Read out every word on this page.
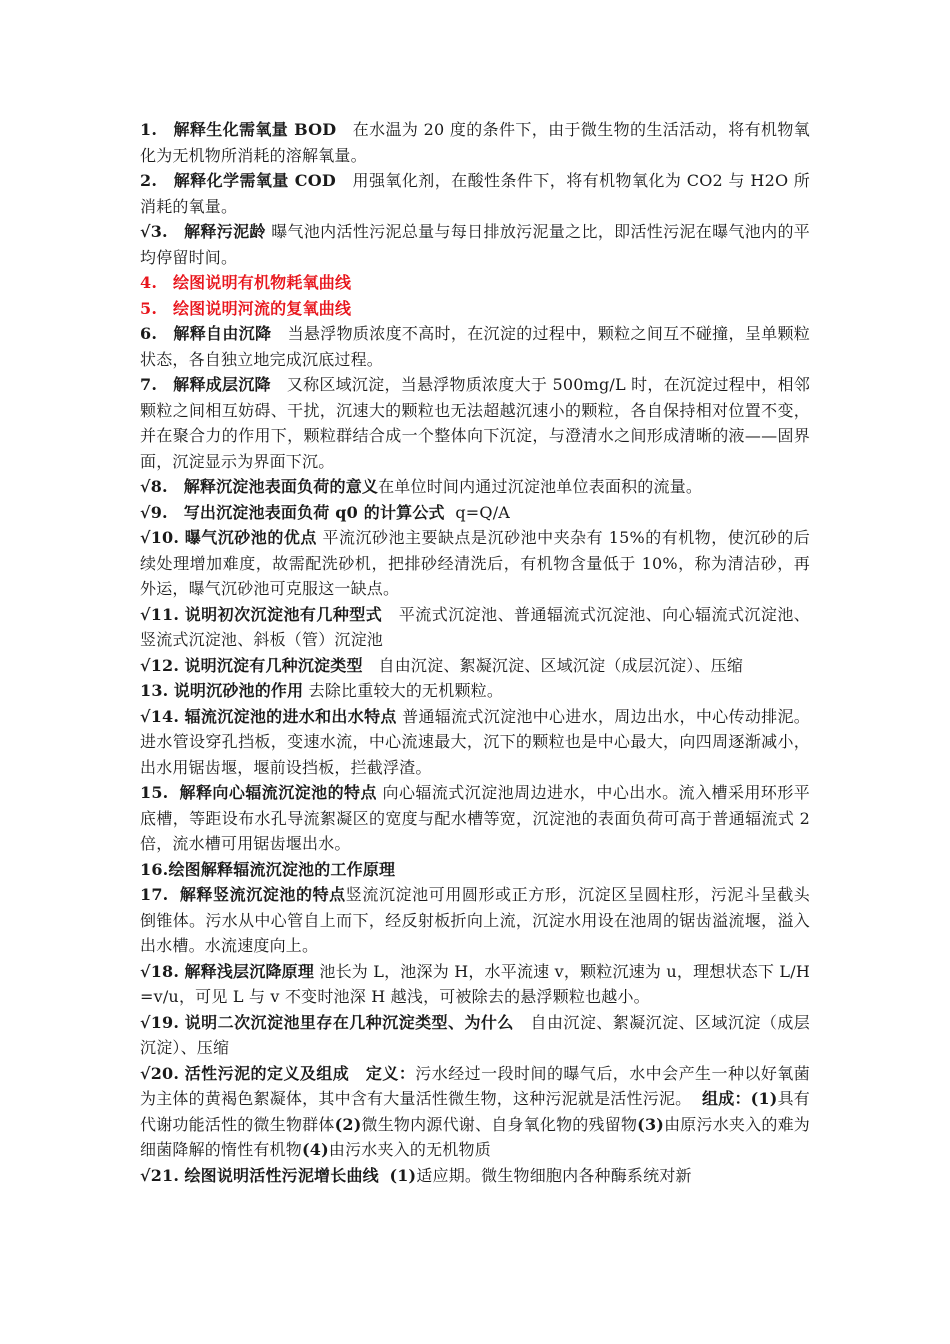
1. 解释生化需氧量 BOD 在水温为 20 度的条件下，由于微生物的生活活动，将有机物氧化为无机物所消耗的溶解氧量。
2. 解释化学需氧量 COD 用强氧化剂，在酸性条件下，将有机物氧化为 CO2 与 H2O 所消耗的氧量。
√3. 解释污泥龄 曝气池内活性污泥总量与每日排放污泥量之比，即活性污泥在曝气池内的平均停留时间。
4. 绘图说明有机物耗氧曲线
5. 绘图说明河流的复氧曲线
6. 解释自由沉降 当悬浮物质浓度不高时，在沉淀的过程中，颗粒之间互不碰撞，呈单颗粒状态，各自独立地完成沉底过程。
7. 解释成层沉降 又称区域沉淀，当悬浮物质浓度大于 500mg/L 时，在沉淀过程中，相邻颗粒之间相互妨碍、干扰，沉速大的颗粒也无法超越沉速小的颗粒，各自保持相对位置不变，并在聚合力的作用下，颗粒群结合成一个整体向下沉淀，与澄清水之间形成清晰的液——固界面，沉淀显示为界面下沉。
√8. 解释沉淀池表面负荷的意义在单位时间内通过沉淀池单位表面积的流量。
√9. 写出沉淀池表面负荷 q0 的计算公式 q=Q/A
√10. 曝气沉砂池的优点 平流沉砂池主要缺点是沉砂池中夹杂有 15%的有机物，使沉砂的后续处理增加难度，故需配洗砂机，把排砂经清洗后，有机物含量低于 10%，称为清洁砂，再外运，曝气沉砂池可克服这一缺点。
√11. 说明初次沉淀池有几种型式 平流式沉淀池、普通辐流式沉淀池、向心辐流式沉淀池、竖流式沉淀池、斜板（管）沉淀池
√12. 说明沉淀有几种沉淀类型 自由沉淀、絮凝沉淀、区域沉淀（成层沉淀）、压缩
13. 说明沉砂池的作用 去除比重较大的无机颗粒。
√14. 辐流沉淀池的进水和出水特点 普通辐流式沉淀池中心进水，周边出水，中心传动排泥。进水管设穿孔挡板，变速水流，中心流速最大，沉下的颗粒也是中心最大，向四周逐渐减小，出水用锯齿堰，堰前设挡板，拦截浮渣。
15. 解释向心辐流沉淀池的特点 向心辐流式沉淀池周边进水，中心出水。流入槽采用环形平底槽，等距设布水孔导流絮凝区的宽度与配水槽等宽，沉淀池的表面负荷可高于普通辐流式 2 倍，流水槽可用锯齿堰出水。
16.绘图解释辐流沉淀池的工作原理
17. 解释竖流沉淀池的特点竖流沉淀池可用圆形或正方形，沉淀区呈圆柱形，污泥斗呈截头倒锥体。污水从中心管自上而下，经反射板折向上流，沉淀水用设在池周的锯齿溢流堰，溢入出水槽。水流速度向上。
√18. 解释浅层沉降原理 池长为 L，池深为 H，水平流速 v，颗粒沉速为 u，理想状态下 L/H=v/u，可见 L 与 v 不变时池深 H 越浅，可被除去的悬浮颗粒也越小。
√19. 说明二次沉淀池里存在几种沉淀类型、为什么 自由沉淀、絮凝沉淀、区域沉淀（成层沉淀）、压缩
√20. 活性污泥的定义及组成 定义：污水经过一段时间的曝气后，水中会产生一种以好氧菌为主体的黄褐色絮凝体，其中含有大量活性微生物，这种污泥就是活性污泥。 组成：(1)具有代谢功能活性的微生物群体(2)微生物内源代谢、自身氧化物的残留物(3)由原污水夹入的难为细菌降解的惰性有机物(4)由污水夹入的无机物质
√21. 绘图说明活性污泥增长曲线 (1)适应期。微生物细胞内各种酶系统对新
